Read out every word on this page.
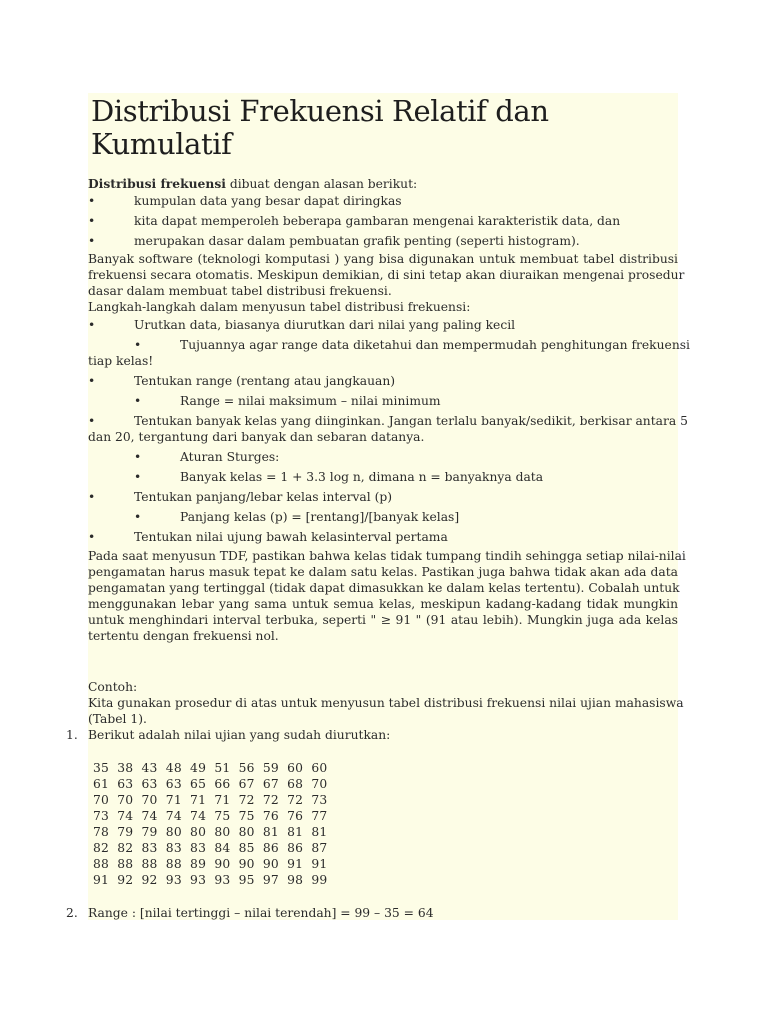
Distribusi Frekuensi Relatif dan
Kumulatif
Distribusi frekuensi dibuat dengan alasan berikut:
•	kumpulan data yang besar dapat diringkas
•	kita dapat memperoleh beberapa gambaran mengenai karakteristik data, dan
•	merupakan dasar dalam pembuatan grafik penting (seperti histogram).
Banyak software (teknologi komputasi ) yang bisa digunakan untuk membuat tabel distribusi
frekuensi secara otomatis. Meskipun demikian, di sini tetap akan diuraikan mengenai prosedur
dasar dalam membuat tabel distribusi frekuensi.
Langkah-langkah dalam menyusun tabel distribusi frekuensi:
•	Urutkan data, biasanya diurutkan dari nilai yang paling kecil
•	Tujuannya agar range data diketahui dan mempermudah penghitungan frekuensi
tiap kelas!
•	Tentukan range (rentang atau jangkauan)
•	Range = nilai maksimum – nilai minimum
•	Tentukan banyak kelas yang diinginkan. Jangan terlalu banyak/sedikit, berkisar antara 5
dan 20, tergantung dari banyak dan sebaran datanya.
•	Aturan Sturges:
•	Banyak kelas = 1 + 3.3 log n, dimana n = banyaknya data
•	Tentukan panjang/lebar kelas interval (p)
•	Panjang kelas (p) = [rentang]/[banyak kelas]
•	Tentukan nilai ujung bawah kelasinterval pertama
Pada saat menyusun TDF, pastikan bahwa kelas tidak tumpang tindih sehingga setiap nilai-nilai
pengamatan harus masuk tepat ke dalam satu kelas. Pastikan juga bahwa tidak akan ada data
pengamatan yang tertinggal (tidak dapat dimasukkan ke dalam kelas tertentu). Cobalah untuk
menggunakan lebar yang sama untuk semua kelas, meskipun kadang-kadang tidak mungkin
untuk menghindari interval terbuka, seperti " ≥ 91 " (91 atau lebih). Mungkin juga ada kelas
tertentu dengan frekuensi nol.
Contoh:
Kita gunakan prosedur di atas untuk menyusun tabel distribusi frekuensi nilai ujian mahasiswa
(Tabel 1).
1. Berikut adalah nilai ujian yang sudah diurutkan:
35  38  43  48  49  51  56  59  60  60
61  63  63  63  65  66  67  67  68  70
70  70  70  71  71  71  72  72  72  73
73  74  74  74  74  75  75  76  76  77
78  79  79  80  80  80  80  81  81  81
82  82  83  83  83  84  85  86  86  87
88  88  88  88  89  90  90  90  91  91
91  92  92  93  93  93  95  97  98  99
2. Range : [nilai tertinggi – nilai terendah] = 99 – 35 = 64
